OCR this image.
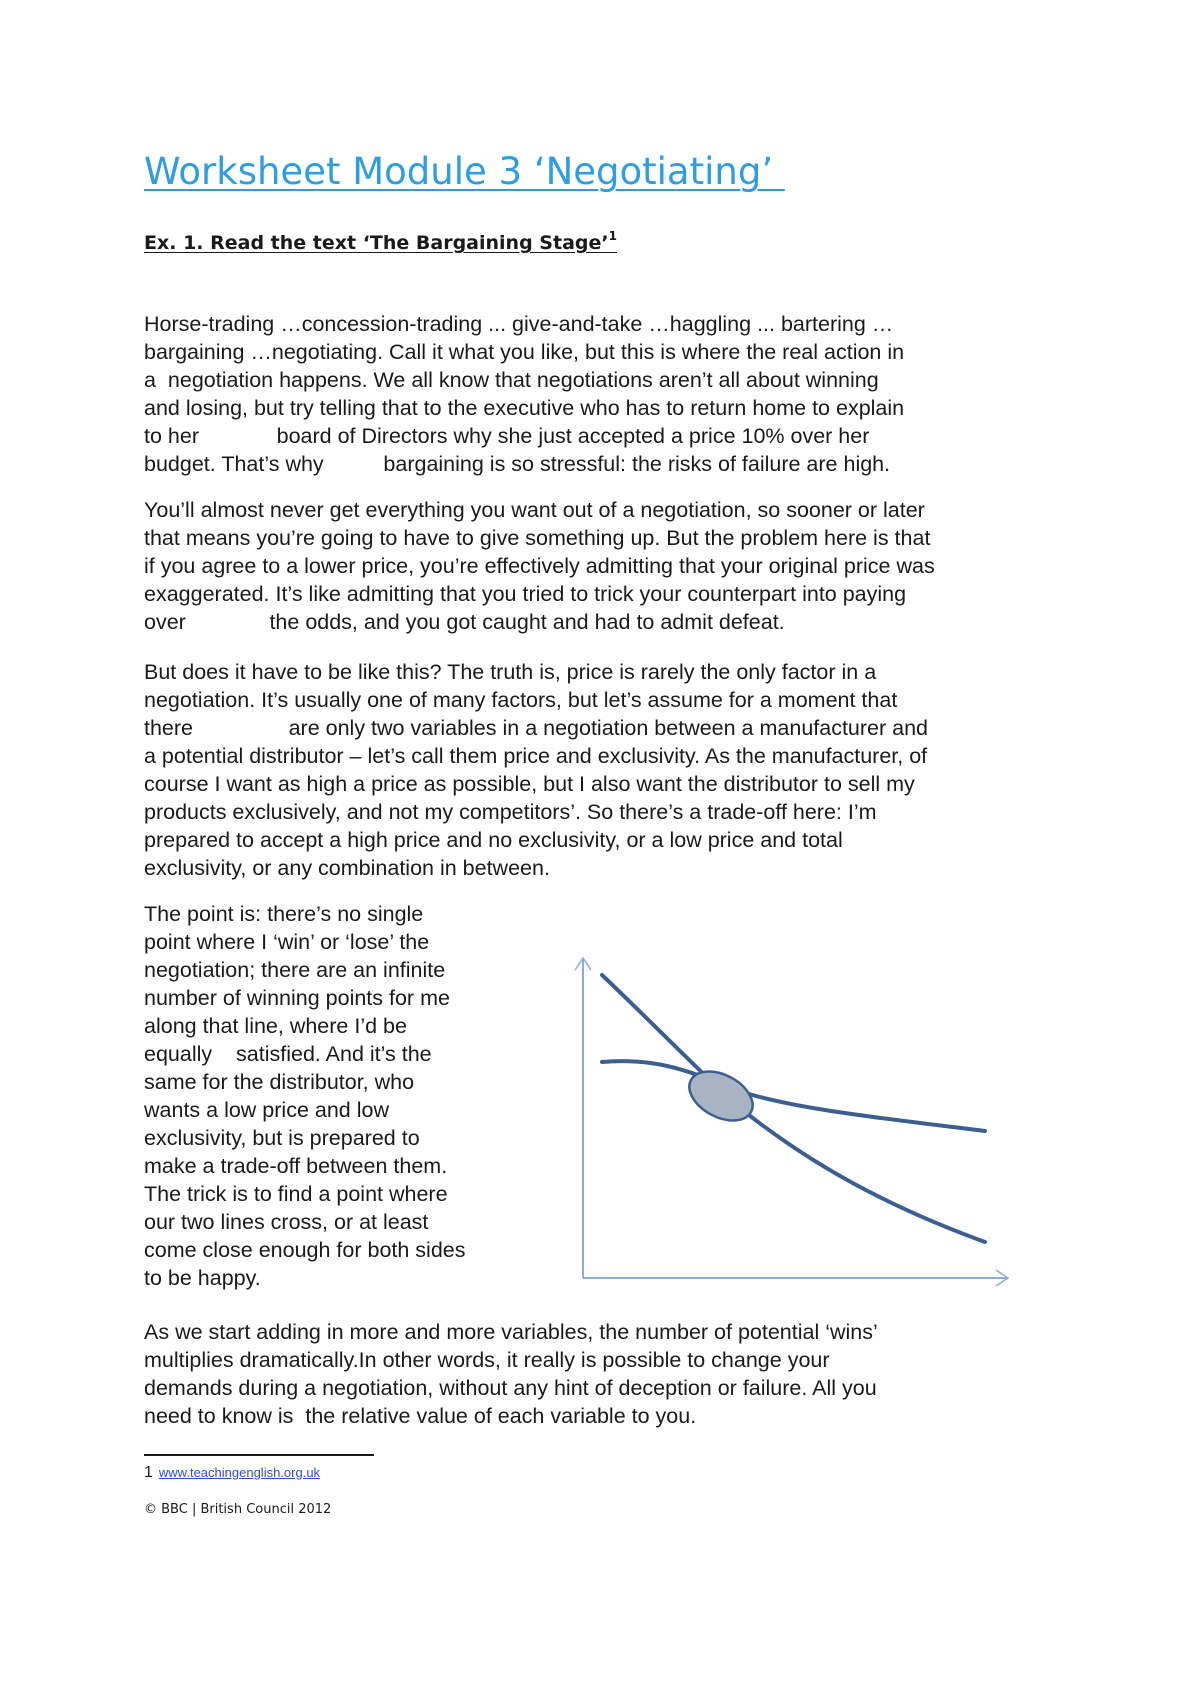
Worksheet Module 3 ‘Negotiating’
Ex. 1. Read the text ‘The Bargaining Stage’$^1$
Horse-trading …concession-trading ... give-and-take …haggling ... bartering …
bargaining …negotiating. Call it what you like, but this is where the real action in
a  negotiation happens. We all know that negotiations aren’t all about winning
and losing, but try telling that to the executive who has to return home to explain
to her             board of Directors why she just accepted a price 10% over her
budget. That’s why          bargaining is so stressful: the risks of failure are high.
You’ll almost never get everything you want out of a negotiation, so sooner or later
that means you’re going to have to give something up. But the problem here is that
if you agree to a lower price, you’re effectively admitting that your original price was
exaggerated. It’s like admitting that you tried to trick your counterpart into paying
over              the odds, and you got caught and had to admit defeat.
But does it have to be like this? The truth is, price is rarely the only factor in a
negotiation. It’s usually one of many factors, but let’s assume for a moment that
there                are only two variables in a negotiation between a manufacturer and
a potential distributor – let’s call them price and exclusivity. As the manufacturer, of
course I want as high a price as possible, but I also want the distributor to sell my
products exclusively, and not my competitors’. So there’s a trade-off here: I’m
prepared to accept a high price and no exclusivity, or a low price and total
exclusivity, or any combination in between.
The point is: there’s no single
point where I ‘win’ or ‘lose’ the
negotiation; there are an infinite
number of winning points for me
along that line, where I’d be
equally    satisfied. And it’s the
same for the distributor, who
wants a low price and low
exclusivity, but is prepared to
make a trade-off between them.
The trick is to find a point where
our two lines cross, or at least
come close enough for both sides
to be happy.
As we start adding in more and more variables, the number of potential ‘wins’
multiplies dramatically.In other words, it really is possible to change your
demands during a negotiation, without any hint of deception or failure. All you
need to know is  the relative value of each variable to you.
1 www.teachingenglish.org.uk
© BBC | British Council 2012
